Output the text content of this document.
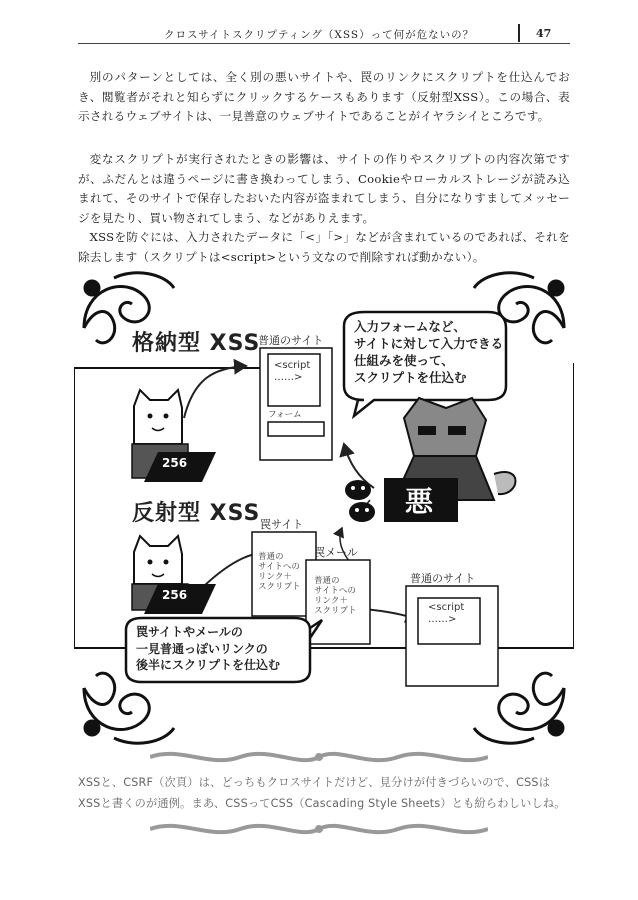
クロスサイトスクリプティング（XSS）って何が危ないの？	47

別のパターンとしては、全く別の悪いサイトや、罠のリンクにスクリプトを仕込んでおき、閲覧者がそれと知らずにクリックするケースもあります（反射型XSS）。この場合、表示されるウェブサイトは、一見善意のウェブサイトであることがイヤラシイところです。

変なスクリプトが実行されたときの影響は、サイトの作りやスクリプトの内容次第ですが、ふだんとは違うページに書き換わってしまう、Cookieやローカルストレージが読み込まれて、そのサイトで保存したおいた内容が盗まれてしまう、自分になりすましてメッセージを見たり、買い物されてしまう、などがありえます。

XSSを防ぐには、入力されたデータに「<」「>」などが含まれているのであれば、それを除去します（スクリプトは<script>という文なので削除すれば動かない）。

格納型 XSS
反射型 XSS
普通のサイト
<script
……>
フォーム
入力フォームなど、
サイトに対して入力できる
仕組みを使って、
スクリプトを仕込む
256
256
悪
罠サイト
普通の
サイトへの
リンク＋
スクリプト
罠メール
普通の
サイトへの
リンク＋
スクリプト
普通のサイト
<script
……>
罠サイトやメールの
一見普通っぽいリンクの
後半にスクリプトを仕込む

XSSと、CSRF（次頁）は、どっちもクロスサイトだけど、見分けが付きづらいので、CSSは

XSSと書くのが通例。まあ、CSSってCSS（Cascading Style Sheets）とも紛らわしいしね。
